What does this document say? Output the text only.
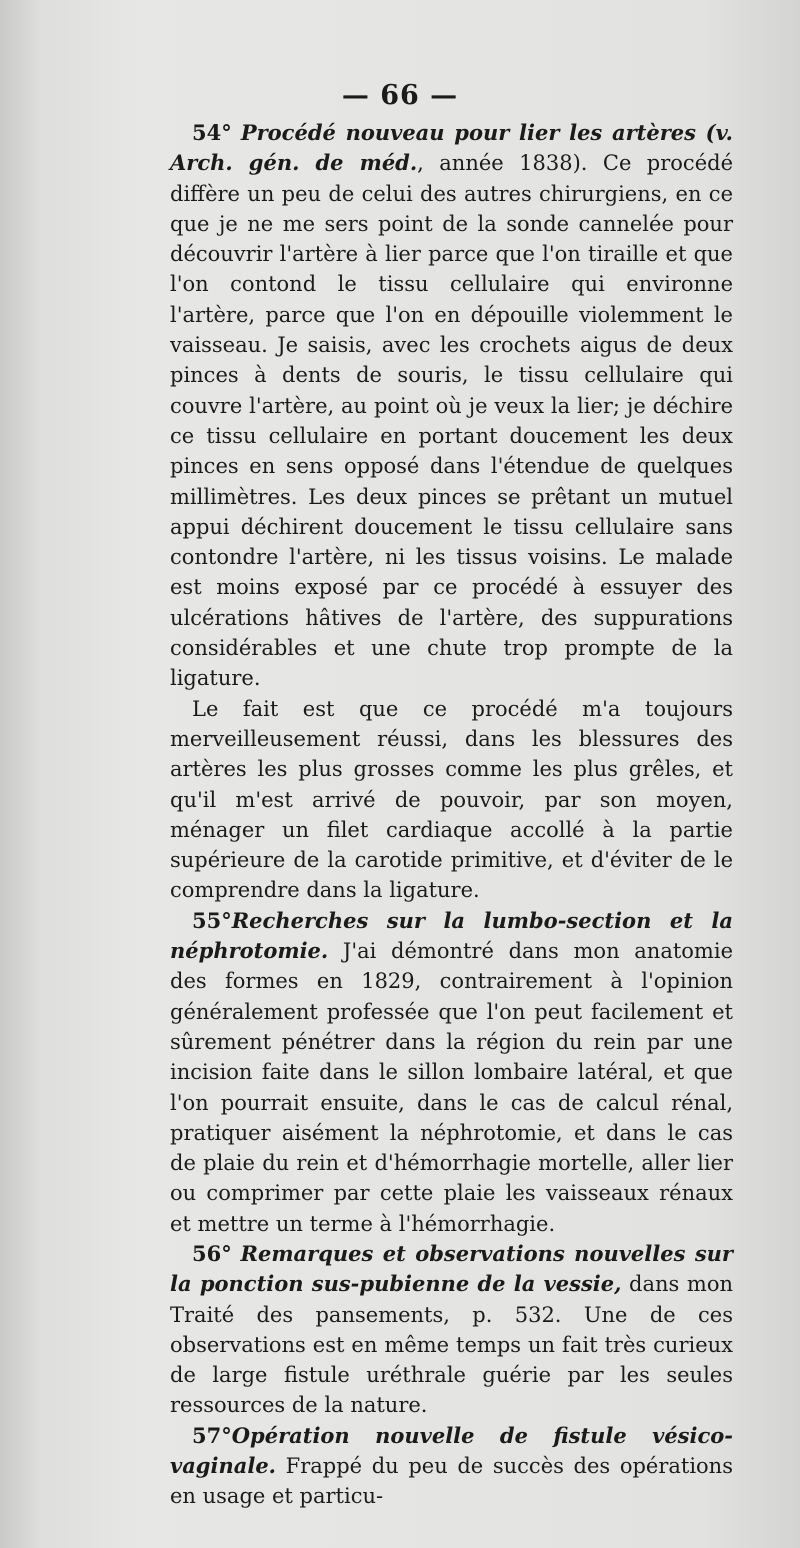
— 66 —

54° Procédé nouveau pour lier les artères (v. Arch. gén. de méd., année 1838). Ce procédé diffère un peu de celui des autres chirurgiens, en ce que je ne me sers point de la sonde cannelée pour découvrir l'artère à lier parce que l'on tiraille et que l'on contond le tissu cellulaire qui environne l'artère, parce que l'on en dépouille violemment le vaisseau. Je saisis, avec les crochets aigus de deux pinces à dents de souris, le tissu cellulaire qui couvre l'artère, au point où je veux la lier; je déchire ce tissu cellulaire en portant doucement les deux pinces en sens opposé dans l'étendue de quelques millimètres. Les deux pinces se prêtant un mutuel appui déchirent doucement le tissu cellulaire sans contondre l'artère, ni les tissus voisins. Le malade est moins exposé par ce procédé à essuyer des ulcérations hâtives de l'artère, des suppurations considérables et une chute trop prompte de la ligature.

Le fait est que ce procédé m'a toujours merveilleusement réussi, dans les blessures des artères les plus grosses comme les plus grêles, et qu'il m'est arrivé de pouvoir, par son moyen, ménager un filet cardiaque accollé à la partie supérieure de la carotide primitive, et d'éviter de le comprendre dans la ligature.

55°Recherches sur la lumbo-section et la néphrotomie. J'ai démontré dans mon anatomie des formes en 1829, contrairement à l'opinion généralement professée que l'on peut facilement et sûrement pénétrer dans la région du rein par une incision faite dans le sillon lombaire latéral, et que l'on pourrait ensuite, dans le cas de calcul rénal, pratiquer aisément la néphrotomie, et dans le cas de plaie du rein et d'hémorrhagie mortelle, aller lier ou comprimer par cette plaie les vaisseaux rénaux et mettre un terme à l'hémorrhagie.

56° Remarques et observations nouvelles sur la ponction sus-pubienne de la vessie, dans mon Traité des pansements, p. 532. Une de ces observations est en même temps un fait très curieux de large fistule uréthrale guérie par les seules ressources de la nature.

57°Opération nouvelle de fistule vésico-vaginale. Frappé du peu de succès des opérations en usage et particu-
